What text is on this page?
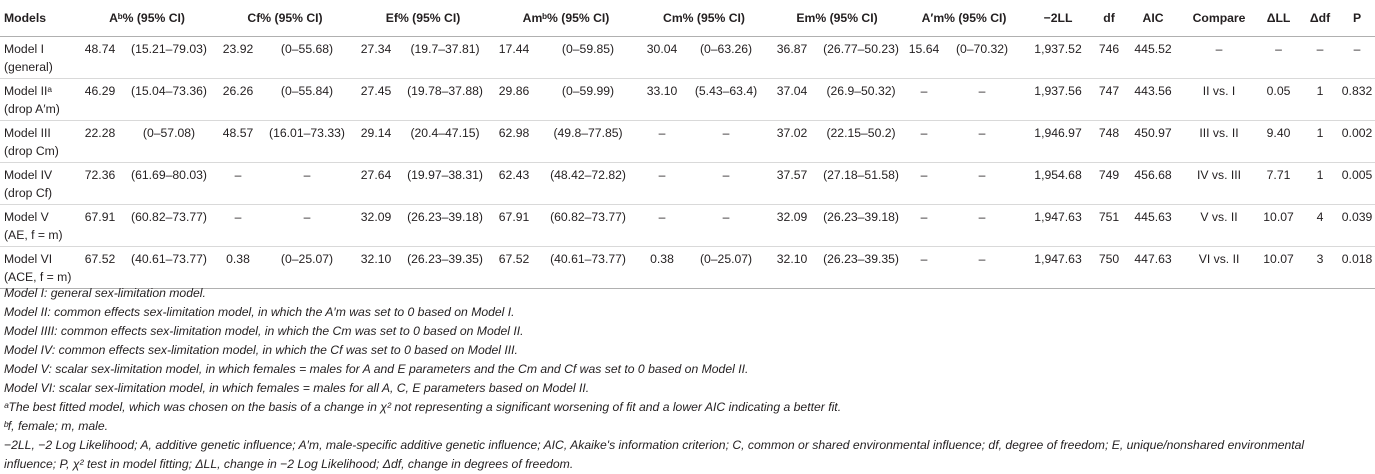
Models	Aᵇ% (95% CI)		Cf% (95% CI)		Ef% (95% CI)		Amᵇ% (95% CI)		Cm% (95% CI)		Em% (95% CI)		A′m% (95% CI)		−2LL	df	AIC	Compare	ΔLL	Δdf	P

Model I
(general)	48.74	(15.21–79.03)	23.92	(0–55.68)	27.34	(19.7–37.81)	17.44	(0–59.85)	30.04	(0–63.26)	36.87	(26.77–50.23)	15.64	(0–70.32)	1,937.52	746	445.52	–	–	–	–

Model IIᵃ
(drop A′m)	46.29	(15.04–73.36)	26.26	(0–55.84)	27.45	(19.78–37.88)	29.86	(0–59.99)	33.10	(5.43–63.4)	37.04	(26.9–50.32)	–	–	1,937.56	747	443.56	II vs. I	0.05	1	0.832

Model III
(drop Cm)	22.28	(0–57.08)	48.57	(16.01–73.33)	29.14	(20.4–47.15)	62.98	(49.8–77.85)	–	–	37.02	(22.15–50.2)	–	–	1,946.97	748	450.97	III vs. II	9.40	1	0.002

Model IV
(drop Cf)	72.36	(61.69–80.03)	–	–	27.64	(19.97–38.31)	62.43	(48.42–72.82)	–	–	37.57	(27.18–51.58)	–	–	1,954.68	749	456.68	IV vs. III	7.71	1	0.005

Model V
(AE, f = m)	67.91	(60.82–73.77)	–	–	32.09	(26.23–39.18)	67.91	(60.82–73.77)	–	–	32.09	(26.23–39.18)	–	–	1,947.63	751	445.63	V vs. II	10.07	4	0.039

Model VI
(ACE, f = m)	67.52	(40.61–73.77)	0.38	(0–25.07)	32.10	(26.23–39.35)	67.52	(40.61–73.77)	0.38	(0–25.07)	32.10	(26.23–39.35)	–	–	1,947.63	750	447.63	VI vs. II	10.07	3	0.018
Model I: general sex-limitation model.
Model II: common effects sex-limitation model, in which the A′m was set to 0 based on Model I.
Model IIII: common effects sex-limitation model, in which the Cm was set to 0 based on Model II.
Model IV: common effects sex-limitation model, in which the Cf was set to 0 based on Model III.
Model V: scalar sex-limitation model, in which females = males for A and E parameters and the Cm and Cf was set to 0 based on Model II.
Model VI: scalar sex-limitation model, in which females = males for all A, C, E parameters based on Model II.
ᵃThe best fitted model, which was chosen on the basis of a change in χ² not representing a significant worsening of fit and a lower AIC indicating a better fit.
ᵇf, female; m, male.
−2LL, −2 Log Likelihood; A, additive genetic influence; A′m, male-specific additive genetic influence; AIC, Akaike's information criterion; C, common or shared environmental influence; df, degree of freedom; E, unique/nonshared environmental influence; P, χ² test in model fitting; ΔLL, change in −2 Log Likelihood; Δdf, change in degrees of freedom.
